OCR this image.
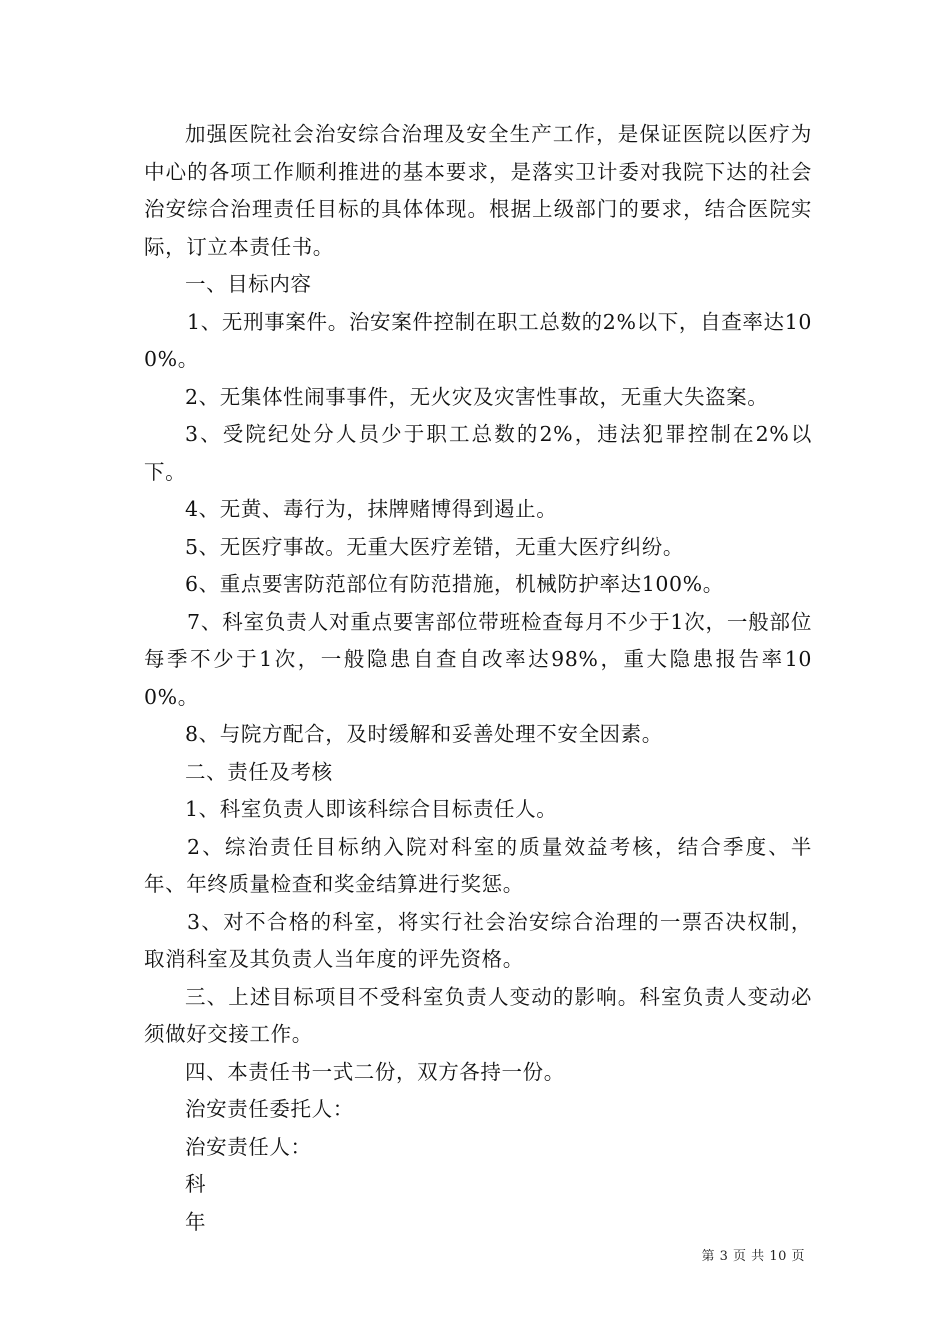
加强医院社会治安综合治理及安全生产工作，是保证医院以医疗为中心的各项工作顺利推进的基本要求，是落实卫计委对我院下达的社会治安综合治理责任目标的具体体现。根据上级部门的要求，结合医院实际，订立本责任书。

一、目标内容

1、无刑事案件。治安案件控制在职工总数的2%以下，自查率达100%。

2、无集体性闹事事件，无火灾及灾害性事故，无重大失盗案。

3、受院纪处分人员少于职工总数的2%，违法犯罪控制在2%以下。

4、无黄、毒行为，抹牌赌博得到遏止。

5、无医疗事故。无重大医疗差错，无重大医疗纠纷。

6、重点要害防范部位有防范措施，机械防护率达100%。

7、科室负责人对重点要害部位带班检查每月不少于1次，一般部位每季不少于1次，一般隐患自查自改率达98%，重大隐患报告率100%。

8、与院方配合，及时缓解和妥善处理不安全因素。

二、责任及考核

1、科室负责人即该科综合目标责任人。

2、综治责任目标纳入院对科室的质量效益考核，结合季度、半年、年终质量检查和奖金结算进行奖惩。

3、对不合格的科室，将实行社会治安综合治理的一票否决权制，取消科室及其负责人当年度的评先资格。

三、上述目标项目不受科室负责人变动的影响。科室负责人变动必须做好交接工作。

四、本责任书一式二份，双方各持一份。

治安责任委托人：

治安责任人：

科

年

第 3 页 共 10 页
